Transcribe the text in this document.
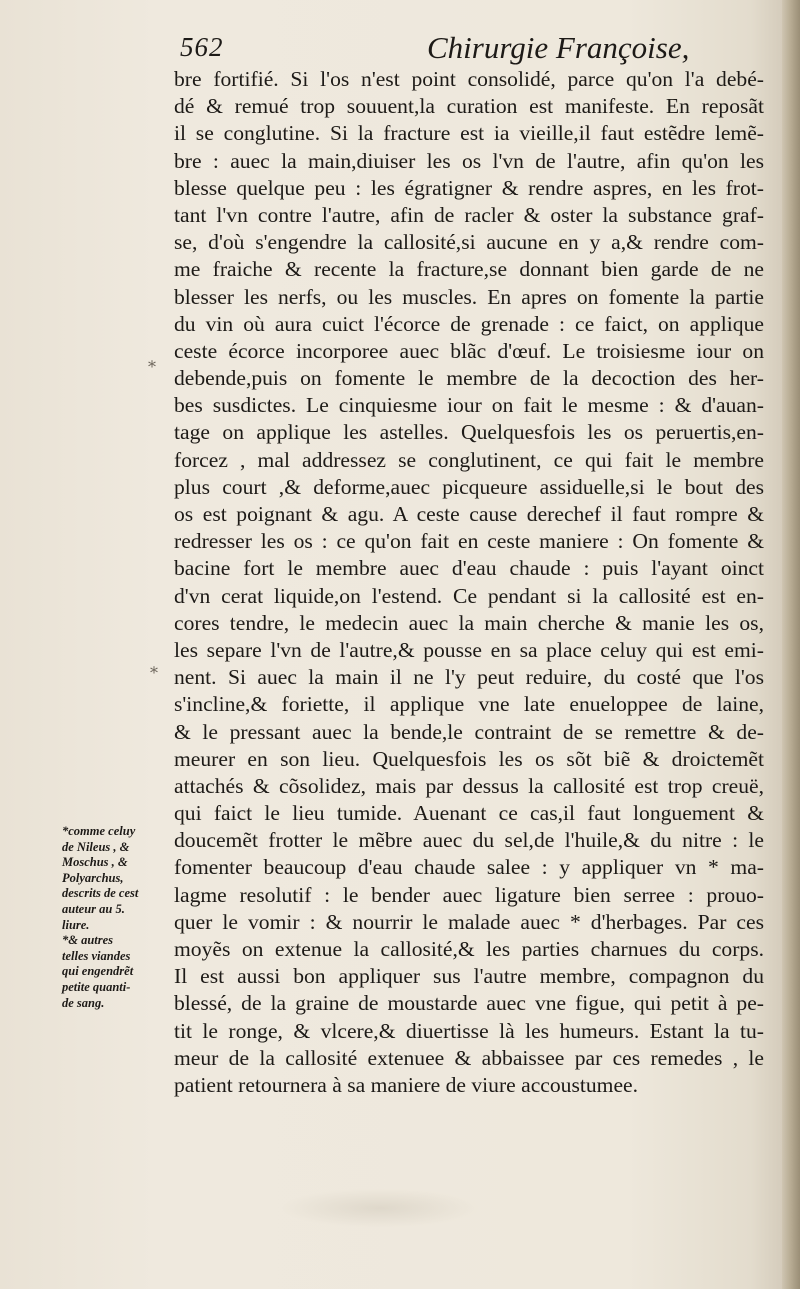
562	Chirurgie Françoise,
bre fortifié. Si l'os n'est point consolidé, parce qu'on l'a debé-
dé & remué trop souuent,la curation est manifeste. En reposãt
il se conglutine. Si la fracture est ia vieille,il faut estẽdre lemẽ-
bre : auec la main,diuiser les os l'vn de l'autre, afin qu'on les
blesse quelque peu : les égratigner & rendre aspres, en les frot-
tant l'vn contre l'autre, afin de racler & oster la substance graf-
se, d'où s'engendre la callosité,si aucune en y a,& rendre com-
me fraiche & recente la fracture,se donnant bien garde de ne
blesser les nerfs, ou les muscles. En apres on fomente la partie
du vin où aura cuict l'écorce de grenade : ce faict, on applique
ceste écorce incorporee auec blãc d'œuf. Le troisiesme iour on
debende,puis on fomente le membre de la decoction des her-
bes susdictes. Le cinquiesme iour on fait le mesme : & d'auan-
tage on applique les astelles. Quelquesfois les os peruertis,en-
forcez , mal addressez se conglutinent, ce qui fait le membre
plus court ,& deforme,auec picqueure assiduelle,si le bout des
os est poignant & agu. A ceste cause derechef il faut rompre &
redresser les os : ce qu'on fait en ceste maniere : On fomente &
bacine fort le membre auec d'eau chaude : puis l'ayant oinct
d'vn cerat liquide,on l'estend. Ce pendant si la callosité est en-
cores tendre, le medecin auec la main cherche & manie les os,
les separe l'vn de l'autre,& pousse en sa place celuy qui est emi-
nent. Si auec la main il ne l'y peut reduire, du costé que l'os
s'incline,& foriette, il applique vne late enueloppee de laine,
& le pressant auec la bende,le contraint de se remettre & de-
meurer en son lieu. Quelquesfois les os sõt biẽ & droictemẽt
attachés & cõsolidez, mais par dessus la callosité est trop creuë,
qui faict le lieu tumide. Auenant ce cas,il faut longuement &
doucemẽt frotter le mẽbre auec du sel,de l'huile,& du nitre : le
fomenter beaucoup d'eau chaude salee : y appliquer vn * ma-
lagme resolutif : le bender auec ligature bien serree : prouo-
quer le vomir : & nourrir le malade auec * d'herbages. Par ces
moyẽs on extenue la callosité,& les parties charnues du corps.
Il est aussi bon appliquer sus l'autre membre, compagnon du
blessé, de la graine de moustarde auec vne figue, qui petit à pe-
tit le ronge, & vlcere,& diuertisse là les humeurs. Estant la tu-
meur de la callosité extenuee & abbaissee par ces remedes , le
patient retournera à sa maniere de viure accoustumee.
*comme celuy
de Nileus , &
Moschus , &
Polyarchus,
descrits de cest
auteur au 5.
liure.
*& autres
telles viandes
qui engendrẽt
petite quanti-
de sang.
⁎
⁎
